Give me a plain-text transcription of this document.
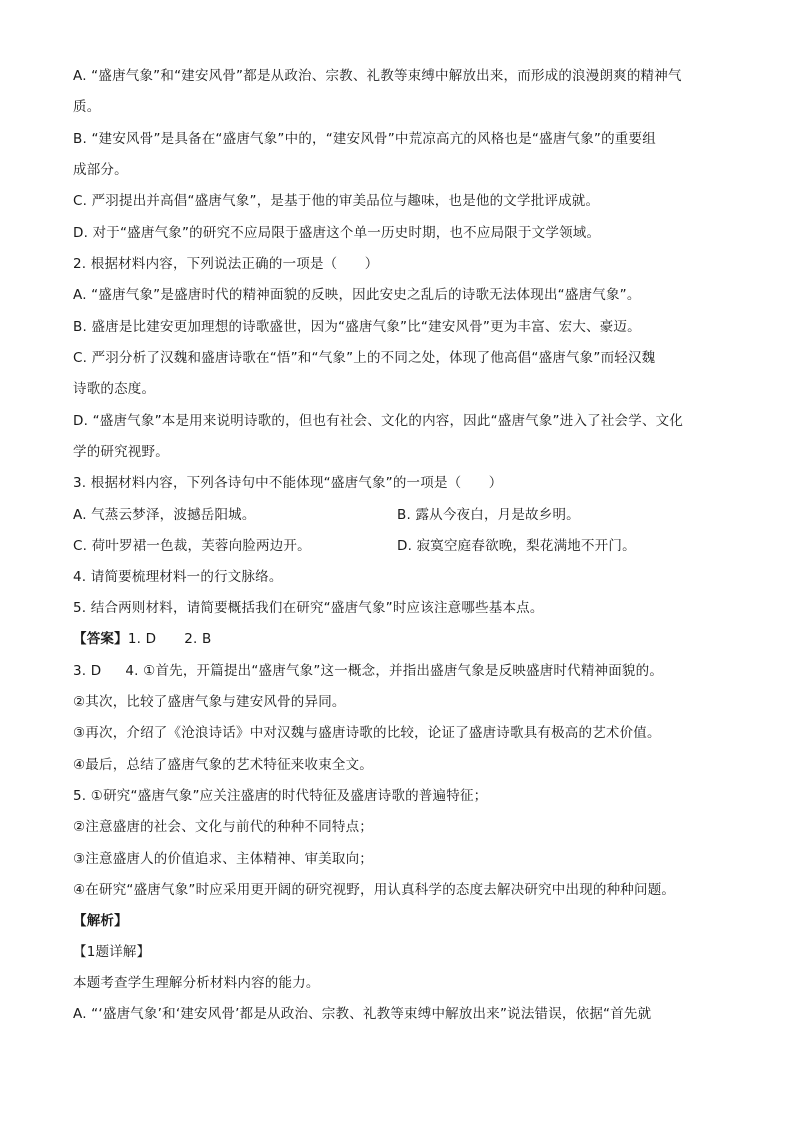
A. “盛唐气象”和“建安风骨”都是从政治、宗教、礼教等束缚中解放出来，而形成的浪漫朗爽的精神气
质。
B. “建安风骨”是具备在“盛唐气象”中的，“建安风骨”中荒凉高亢的风格也是“盛唐气象”的重要组
成部分。
C. 严羽提出并高倡“盛唐气象”，是基于他的审美品位与趣味，也是他的文学批评成就。
D. 对于“盛唐气象”的研究不应局限于盛唐这个单一历史时期，也不应局限于文学领域。
2. 根据材料内容，下列说法正确的一项是（　　）
A. “盛唐气象”是盛唐时代的精神面貌的反映，因此安史之乱后的诗歌无法体现出“盛唐气象”。
B. 盛唐是比建安更加理想的诗歌盛世，因为“盛唐气象”比“建安风骨”更为丰富、宏大、豪迈。
C. 严羽分析了汉魏和盛唐诗歌在“悟”和“气象”上的不同之处，体现了他高倡“盛唐气象”而轻汉魏
诗歌的态度。
D. “盛唐气象”本是用来说明诗歌的，但也有社会、文化的内容，因此“盛唐气象”进入了社会学、文化
学的研究视野。
3. 根据材料内容，下列各诗句中不能体现“盛唐气象”的一项是（　　）
A. 气蒸云梦泽，波撼岳阳城。	B. 露从今夜白，月是故乡明。
C. 荷叶罗裙一色裁，芙蓉向脸两边开。	D. 寂寞空庭春欲晚，梨花满地不开门。
4. 请简要梳理材料一的行文脉络。
5. 结合两则材料，请简要概括我们在研究“盛唐气象”时应该注意哪些基本点。
【答案】1. D 2. B
3. D 4. ①首先，开篇提出“盛唐气象”这一概念，并指出盛唐气象是反映盛唐时代精神面貌的。
②其次，比较了盛唐气象与建安风骨的异同。
③再次，介绍了《沧浪诗话》中对汉魏与盛唐诗歌的比较，论证了盛唐诗歌具有极高的艺术价值。
④最后，总结了盛唐气象的艺术特征来收束全文。
5. ①研究“盛唐气象”应关注盛唐的时代特征及盛唐诗歌的普遍特征；
②注意盛唐的社会、文化与前代的种种不同特点；
③注意盛唐人的价值追求、主体精神、审美取向；
④在研究“盛唐气象”时应采用更开阔的研究视野，用认真科学的态度去解决研究中出现的种种问题。
【解析】
【1题详解】
本题考查学生理解分析材料内容的能力。
A. “‘盛唐气象’和‘建安风骨’都是从政治、宗教、礼教等束缚中解放出来”说法错误，依据“首先就
